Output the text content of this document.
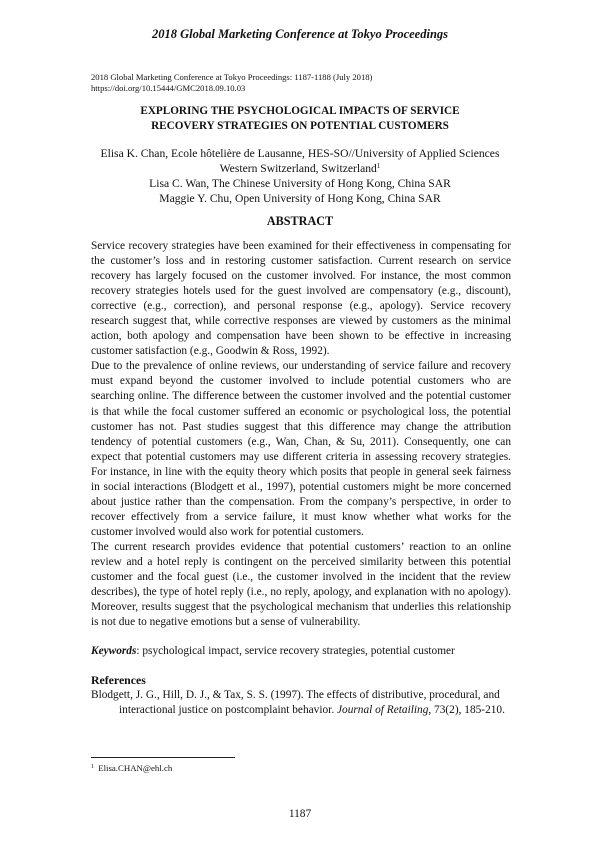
2018 Global Marketing Conference at Tokyo Proceedings
2018 Global Marketing Conference at Tokyo Proceedings: 1187-1188 (July 2018)
https://doi.org/10.15444/GMC2018.09.10.03
EXPLORING THE PSYCHOLOGICAL IMPACTS OF SERVICE
RECOVERY STRATEGIES ON POTENTIAL CUSTOMERS
Elisa K. Chan, Ecole hôtelière de Lausanne, HES-SO//University of Applied Sciences
Western Switzerland, Switzerland$^1$
Lisa C. Wan, The Chinese University of Hong Kong, China SAR
Maggie Y. Chu, Open University of Hong Kong, China SAR
ABSTRACT

Service recovery strategies have been examined for their effectiveness in compensating for the customer’s loss and in restoring customer satisfaction. Current research on service recovery has largely focused on the customer involved. For instance, the most common recovery strategies hotels used for the guest involved are compensatory (e.g., discount), corrective (e.g., correction), and personal response (e.g., apology). Service recovery research suggest that, while corrective responses are viewed by customers as the minimal action, both apology and compensation have been shown to be effective in increasing customer satisfaction (e.g., Goodwin & Ross, 1992).

Due to the prevalence of online reviews, our understanding of service failure and recovery must expand beyond the customer involved to include potential customers who are searching online. The difference between the customer involved and the potential customer is that while the focal customer suffered an economic or psychological loss, the potential customer has not. Past studies suggest that this difference may change the attribution tendency of potential customers (e.g., Wan, Chan, & Su, 2011). Consequently, one can expect that potential customers may use different criteria in assessing recovery strategies. For instance, in line with the equity theory which posits that people in general seek fairness in social interactions (Blodgett et al., 1997), potential customers might be more concerned about justice rather than the compensation. From the company’s perspective, in order to recover effectively from a service failure, it must know whether what works for the customer involved would also work for potential customers.

The current research provides evidence that potential customers’ reaction to an online review and a hotel reply is contingent on the perceived similarity between this potential customer and the focal guest (i.e., the customer involved in the incident that the review describes), the type of hotel reply (i.e., no reply, apology, and explanation with no apology). Moreover, results suggest that the psychological mechanism that underlies this relationship is not due to negative emotions but a sense of vulnerability.

Keywords: psychological impact, service recovery strategies, potential customer
References
Blodgett, J. G., Hill, D. J., & Tax, S. S. (1997). The effects of distributive, procedural, and interactional justice on postcomplaint behavior. Journal of Retailing, 73(2), 185-210.
$^1$ Elisa.CHAN@ehl.ch
1187
